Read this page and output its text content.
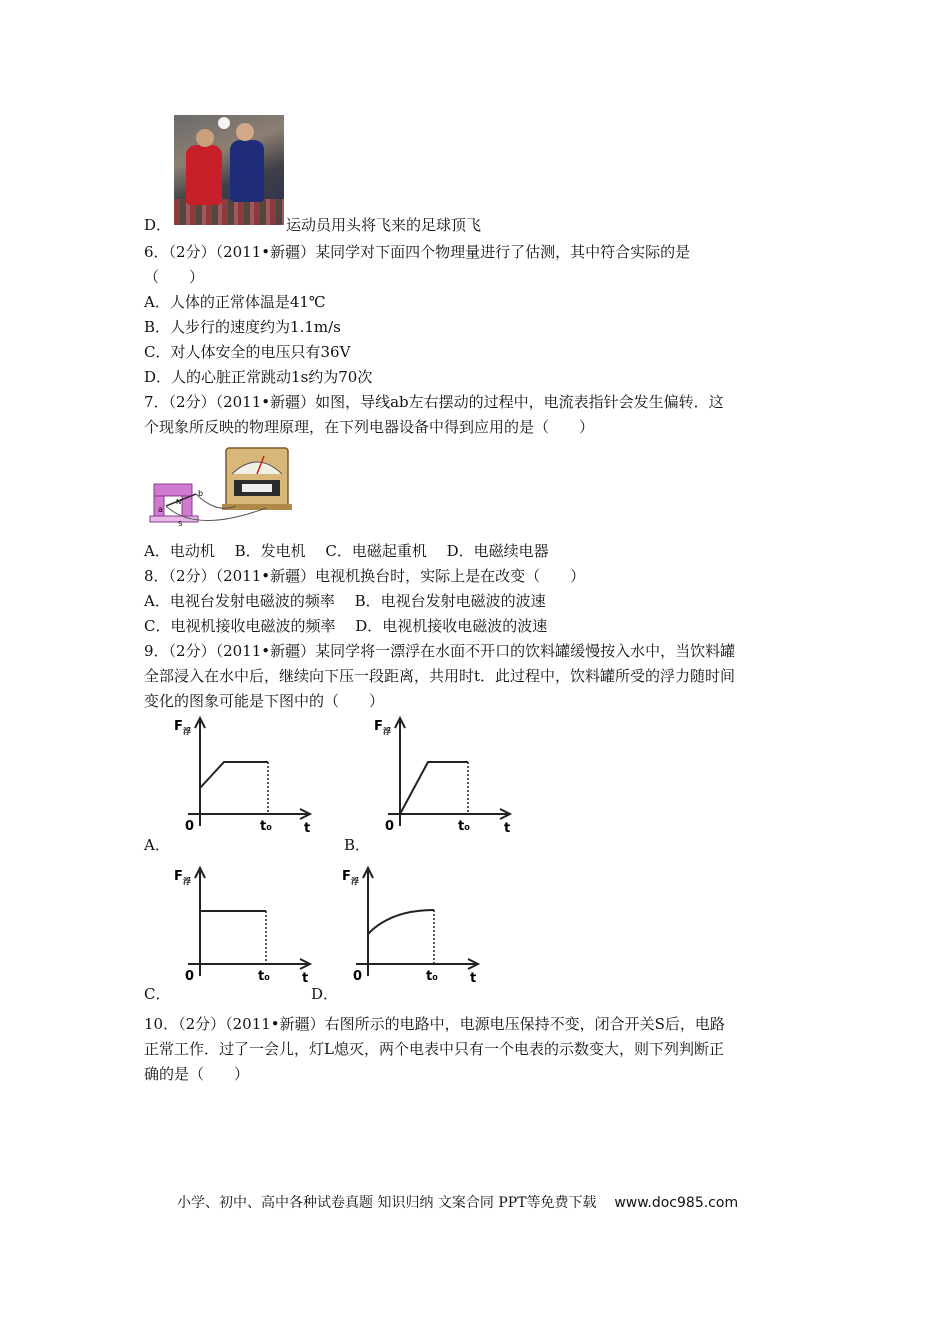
D．	运动员用头将飞来的足球顶飞
6．（2分）（2011•新疆）某同学对下面四个物理量进行了估测，其中符合实际的是
（　　）
A．人体的正常体温是41℃
B．人步行的速度约为1.1m/s
C．对人体安全的电压只有36V
D．人的心脏正常跳动1s约为70次
7．（2分）（2011•新疆）如图，导线ab左右摆动的过程中，电流表指针会发生偏转．这
个现象所反映的物理原理，在下列电器设备中得到应用的是（　　）
a
b
N
S
A．电动机　 B．发电机　 C．电磁起重机　 D．电磁续电器
8．（2分）（2011•新疆）电视机换台时，实际上是在改变（　　）
A．电视台发射电磁波的频率　 B．电视台发射电磁波的波速
C．电视机接收电磁波的频率　 D．电视机接收电磁波的波速
9．（2分）（2011•新疆）某同学将一漂浮在水面不开口的饮料罐缓慢按入水中，当饮料罐
全部浸入在水中后，继续向下压一段距离，共用时t．此过程中，饮料罐所受的浮力随时间
变化的图象可能是下图中的（　　）
F 浮
0	t₀ t
A．
F 浮
0	t₀	t
B．
F 浮
0	t₀ t
C．
F 浮
0	t₀ t
D．
10．（2分）（2011•新疆）右图所示的电路中，电源电压保持不变，闭合开关S后，电路
正常工作．过了一会儿，灯L熄灭，两个电表中只有一个电表的示数变大，则下列判断正
确的是（　　）
小学、初中、高中各种试卷真题 知识归纳 文案合同 PPT等免费下载 www.doc985.com
